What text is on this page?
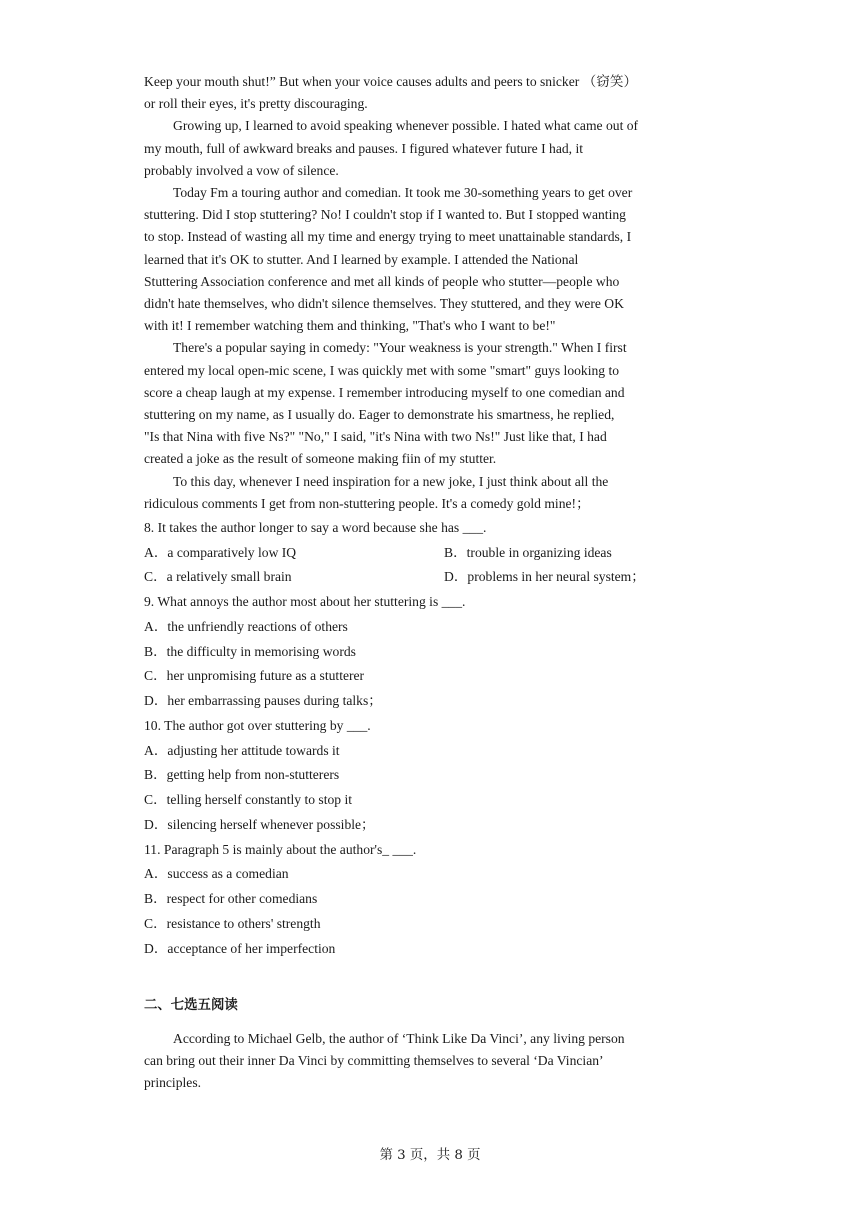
Keep your mouth shut!” But when your voice causes adults and peers to snicker （窃笑）
or roll their eyes, it's pretty discouraging.
Growing up, I learned to avoid speaking whenever possible. I hated what came out of
my mouth, full of awkward breaks and pauses. I figured whatever future I had, it
probably involved a vow of silence.
Today Fm a touring author and comedian. It took me 30-something years to get over
stuttering. Did I stop stuttering? No! I couldn't stop if I wanted to. But I stopped wanting
to stop. Instead of wasting all my time and energy trying to meet unattainable standards, I
learned that it's OK to stutter. And I learned by example. I attended the National
Stuttering Association conference and met all kinds of people who stutter—people who
didn't hate themselves, who didn't silence themselves. They stuttered, and they were OK
with it! I remember watching them and thinking, "That's who I want to be!"
There's a popular saying in comedy: "Your weakness is your strength." When I first
entered my local open-mic scene, I was quickly met with some "smart" guys looking to
score a cheap laugh at my expense. I remember introducing myself to one comedian and
stuttering on my name, as I usually do. Eager to demonstrate his smartness, he replied,
"Is that Nina with five Ns?" "No," I said, "it's Nina with two Ns!" Just like that, I had
created a joke as the result of someone making fiin of my stutter.
To this day, whenever I need inspiration for a new joke, I just think about all the
ridiculous comments I get from non-stuttering people. It's a comedy gold mine!；
8. It takes the author longer to say a word because she has ___.
A．a comparatively low IQ	B．trouble in organizing ideas
C．a relatively small brain	D．problems in her neural system；
9. What annoys the author most about her stuttering is ___.
A．the unfriendly reactions of others
B．the difficulty in memorising words
C．her unpromising future as a stutterer
D．her embarrassing pauses during talks；
10. The author got over stuttering by ___.
A．adjusting her attitude towards it
B．getting help from non-stutterers
C．telling herself constantly to stop it
D．silencing herself whenever possible；
11. Paragraph 5 is mainly about the author's_ ___.
A．success as a comedian
B．respect for other comedians
C．resistance to others' strength
D．acceptance of her imperfection
二、七选五阅读
According to Michael Gelb, the author of ‘Think Like Da Vinci’, any living person
can bring out their inner Da Vinci by committing themselves to several ‘Da Vincian’
principles.
第 3 页，共 8 页
